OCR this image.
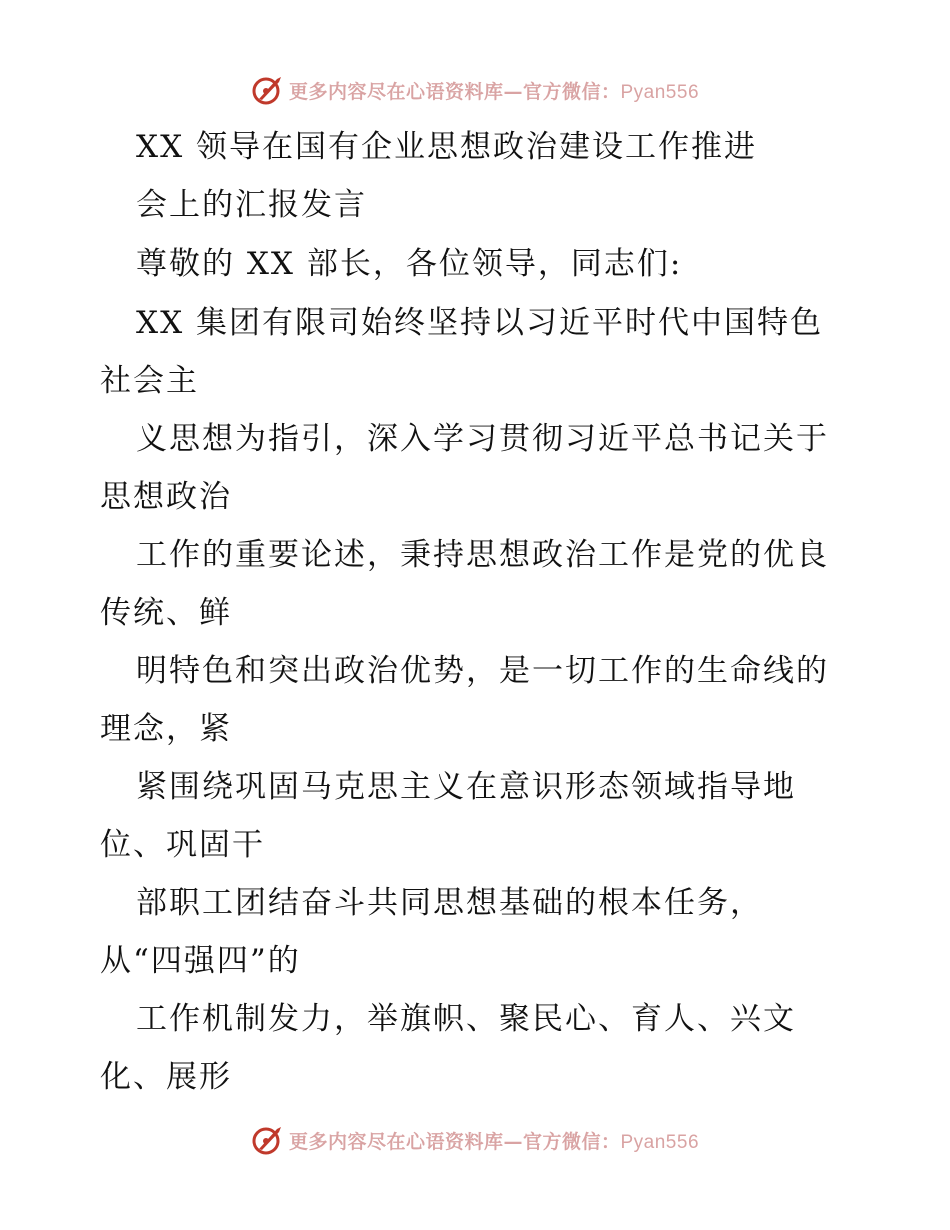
更多内容尽在心语资料库—官方微信：Pyan556
XX 领导在国有企业思想政治建设工作推进
会上的汇报发言
尊敬的 XX 部长，各位领导，同志们:
XX 集团有限司始终坚持以习近平时代中国特色
社会主
义思想为指引，深入学习贯彻习近平总书记关于
思想政治
工作的重要论述，秉持思想政治工作是党的优良
传统、鲜
明特色和突出政治优势，是一切工作的生命线的
理念，紧
紧围绕巩固马克思主义在意识形态领域指导地
位、巩固干
部职工团结奋斗共同思想基础的根本任务，
从“四强四”的
工作机制发力，举旗帜、聚民心、育人、兴文
化、展形
更多内容尽在心语资料库—官方微信：Pyan556
